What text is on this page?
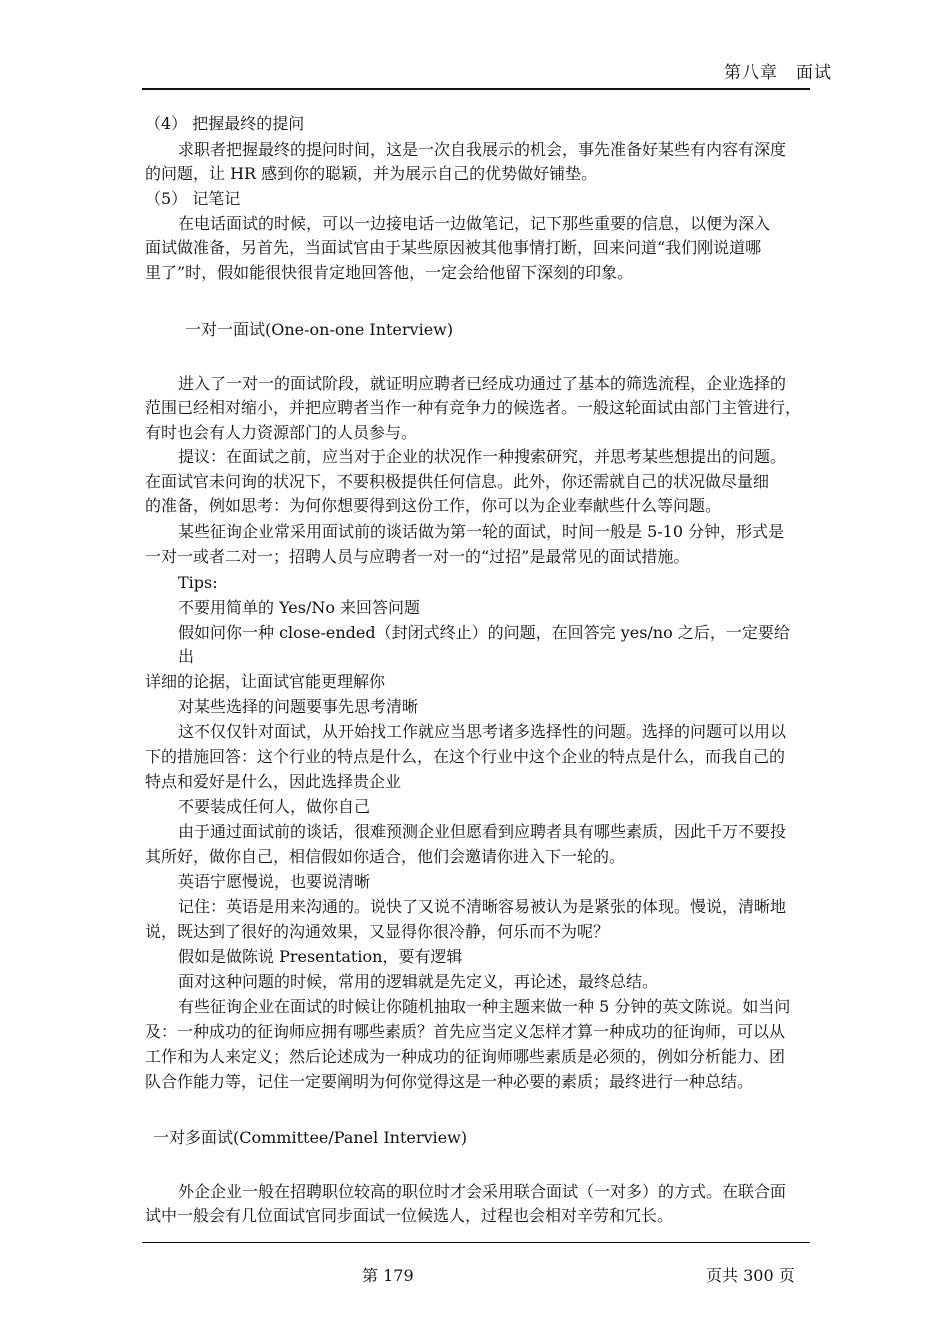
第八章　面试
（4） 把握最终的提问
求职者把握最终的提问时间，这是一次自我展示的机会，事先准备好某些有内容有深度
的问题，让 HR 感到你的聪颖，并为展示自己的优势做好铺垫。
（5） 记笔记
在电话面试的时候，可以一边接电话一边做笔记，记下那些重要的信息，以便为深入
面试做准备，另首先，当面试官由于某些原因被其他事情打断，回来问道“我们刚说道哪
里了”时，假如能很快很肯定地回答他，一定会给他留下深刻的印象。
一对一面试(One-on-one Interview)
进入了一对一的面试阶段，就证明应聘者已经成功通过了基本的筛选流程，企业选择的
范围已经相对缩小，并把应聘者当作一种有竞争力的候选者。一般这轮面试由部门主管进行，
有时也会有人力资源部门的人员参与。
提议：在面试之前，应当对于企业的状况作一种搜索研究，并思考某些想提出的问题。
在面试官未问询的状况下，不要积极提供任何信息。此外，你还需就自己的状况做尽量细
的准备，例如思考：为何你想要得到这份工作，你可以为企业奉献些什么等问题。
某些征询企业常采用面试前的谈话做为第一轮的面试，时间一般是 5-10 分钟，形式是
一对一或者二对一；招聘人员与应聘者一对一的“过招”是最常见的面试措施。
Tips:
不要用简单的 Yes/No 来回答问题
假如问你一种 close-ended（封闭式终止）的问题，在回答完 yes/no 之后，一定要给
出
详细的论据，让面试官能更理解你
对某些选择的问题要事先思考清晰
这不仅仅针对面试，从开始找工作就应当思考诸多选择性的问题。选择的问题可以用以
下的措施回答：这个行业的特点是什么，在这个行业中这个企业的特点是什么，而我自己的
特点和爱好是什么，因此选择贵企业
不要装成任何人，做你自己
由于通过面试前的谈话，很难预测企业但愿看到应聘者具有哪些素质，因此千万不要投
其所好，做你自己，相信假如你适合，他们会邀请你进入下一轮的。
英语宁愿慢说，也要说清晰
记住：英语是用来沟通的。说快了又说不清晰容易被认为是紧张的体现。慢说，清晰地
说，既达到了很好的沟通效果，又显得你很冷静，何乐而不为呢？
假如是做陈说 Presentation，要有逻辑
面对这种问题的时候，常用的逻辑就是先定义，再论述，最终总结。
有些征询企业在面试的时候让你随机抽取一种主题来做一种 5 分钟的英文陈说。如当问
及：一种成功的征询师应拥有哪些素质？首先应当定义怎样才算一种成功的征询师，可以从
工作和为人来定义；然后论述成为一种成功的征询师哪些素质是必须的，例如分析能力、团
队合作能力等，记住一定要阐明为何你觉得这是一种必要的素质；最终进行一种总结。
一对多面试(Committee/Panel Interview)
外企企业一般在招聘职位较高的职位时才会采用联合面试（一对多）的方式。在联合面
试中一般会有几位面试官同步面试一位候选人，过程也会相对辛劳和冗长。
第 179	页共 300 页
